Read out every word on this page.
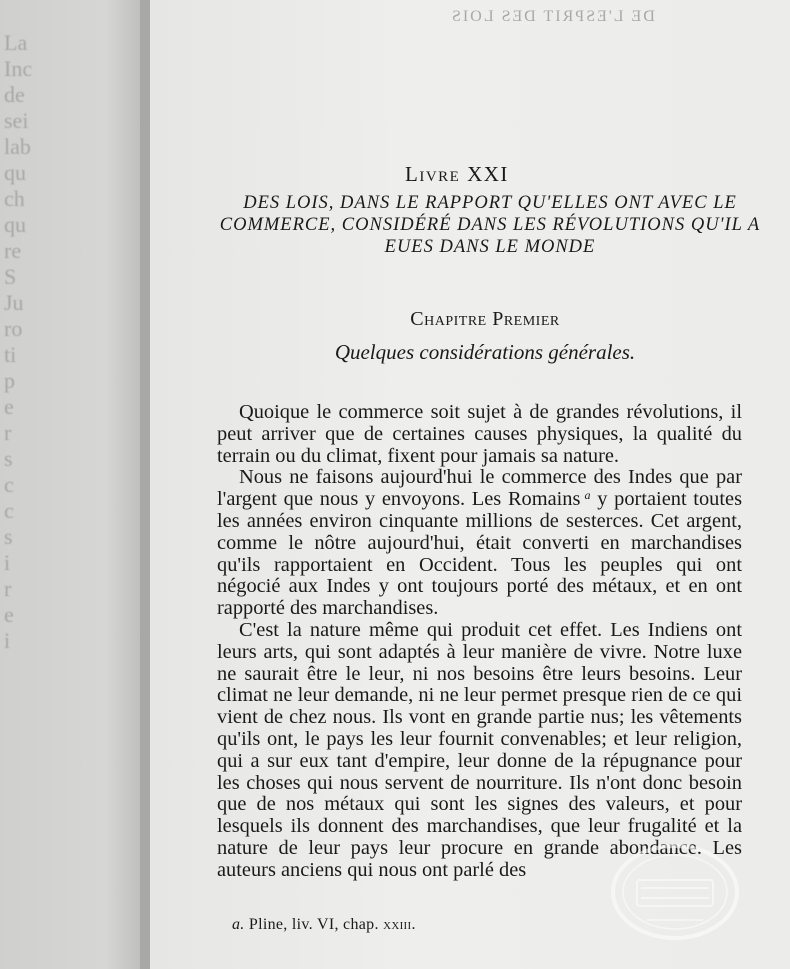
La
Inc
de
sei
lab
qu
ch
qu
re
S
Ju
ro
ti
p
e
r
s
c
c
s
i
r
e
i
DE L'ESPRIT DES LOIS

Livre XXI
DES LOIS, DANS LE RAPPORT QU'ELLES ONT AVEC LE COMMERCE, CONSIDÉRÉ DANS LES RÉVOLUTIONS QU'IL A EUES DANS LE MONDE
Chapitre Premier
Quelques considérations générales.

Quoique le commerce soit sujet à de grandes révolutions, il peut arriver que de certaines causes physiques, la qualité du terrain ou du climat, fixent pour jamais sa nature.

Nous ne faisons aujourd'hui le commerce des Indes que par l'argent que nous y envoyons. Les Romains  $^a$ y portaient toutes les années environ cinquante millions de sesterces. Cet argent, comme le nôtre aujourd'hui, était converti en marchandises qu'ils rapportaient en Occident. Tous les peuples qui ont négocié aux Indes y ont toujours porté des métaux, et en ont rapporté des marchandises.

C'est la nature même qui produit cet effet. Les Indiens ont leurs arts, qui sont adaptés à leur manière de vivre. Notre luxe ne saurait être le leur, ni nos besoins être leurs besoins. Leur climat ne leur demande, ni ne leur permet presque rien de ce qui vient de chez nous. Ils vont en grande partie nus; les vêtements qu'ils ont, le pays les leur fournit convenables; et leur religion, qui a sur eux tant d'empire, leur donne de la répugnance pour les choses qui nous servent de nourriture. Ils n'ont donc besoin que de nos métaux qui sont les signes des valeurs, et pour lesquels ils donnent des marchandises, que leur frugalité et la nature de leur pays leur procure en grande abondance. Les auteurs anciens qui nous ont parlé des

a. Pline, liv. VI, chap. xxiii.
